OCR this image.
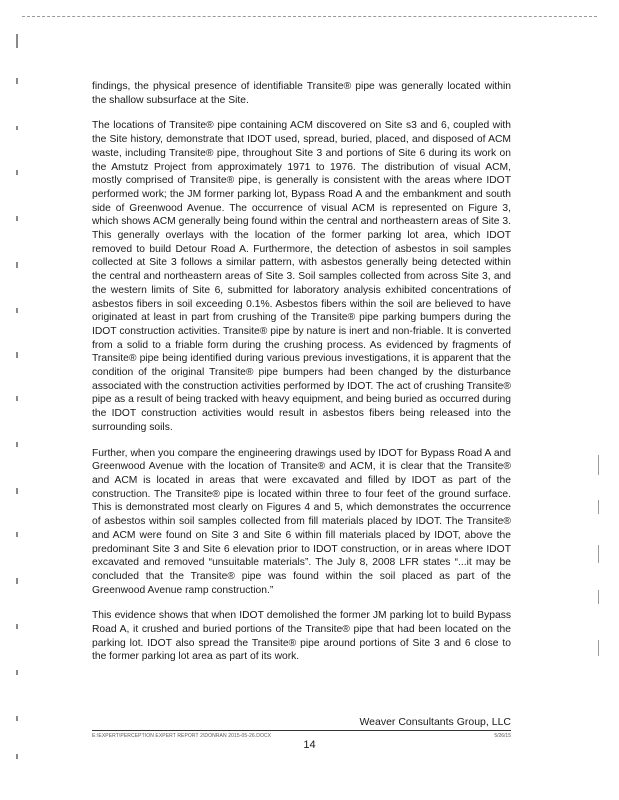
findings, the physical presence of identifiable Transite® pipe was generally located within the shallow subsurface at the Site.

The locations of Transite® pipe containing ACM discovered on Site s3 and 6, coupled with the Site history, demonstrate that IDOT used, spread, buried, placed, and disposed of ACM waste, including Transite® pipe, throughout Site 3 and portions of Site 6 during its work on the Amstutz Project from approximately 1971 to 1976. The distribution of visual ACM, mostly comprised of Transite® pipe, is generally is consistent with the areas where IDOT performed work; the JM former parking lot, Bypass Road A and the embankment and south side of Greenwood Avenue. The occurrence of visual ACM is represented on Figure 3, which shows ACM generally being found within the central and northeastern areas of Site 3. This generally overlays with the location of the former parking lot area, which IDOT removed to build Detour Road A. Furthermore, the detection of asbestos in soil samples collected at Site 3 follows a similar pattern, with asbestos generally being detected within the central and northeastern areas of Site 3. Soil samples collected from across Site 3, and the western limits of Site 6, submitted for laboratory analysis exhibited concentrations of asbestos fibers in soil exceeding 0.1%. Asbestos fibers within the soil are believed to have originated at least in part from crushing of the Transite® pipe parking bumpers during the IDOT construction activities. Transite® pipe by nature is inert and non-friable. It is converted from a solid to a friable form during the crushing process. As evidenced by fragments of Transite® pipe being identified during various previous investigations, it is apparent that the condition of the original Transite® pipe bumpers had been changed by the disturbance associated with the construction activities performed by IDOT. The act of crushing Transite® pipe as a result of being tracked with heavy equipment, and being buried as occurred during the IDOT construction activities would result in asbestos fibers being released into the surrounding soils.

Further, when you compare the engineering drawings used by IDOT for Bypass Road A and Greenwood Avenue with the location of Transite® and ACM, it is clear that the Transite® and ACM is located in areas that were excavated and filled by IDOT as part of the construction. The Transite® pipe is located within three to four feet of the ground surface. This is demonstrated most clearly on Figures 4 and 5, which demonstrates the occurrence of asbestos within soil samples collected from fill materials placed by IDOT. The Transite® and ACM were found on Site 3 and Site 6 within fill materials placed by IDOT, above the predominant Site 3 and Site 6 elevation prior to IDOT construction, or in areas where IDOT excavated and removed “unsuitable materials”. The July 8, 2008 LFR states “...it may be concluded that the Transite® pipe was found within the soil placed as part of the Greenwood Avenue ramp construction.”

This evidence shows that when IDOT demolished the former JM parking lot to build Bypass Road A, it crushed and buried portions of the Transite® pipe that had been located on the parking lot. IDOT also spread the Transite® pipe around portions of Site 3 and 6 close to the former parking lot area as part of its work.

Weaver Consultants Group, LLC
E:\EXPERT\PERCEPTION EXPERT REPORT 2\DONRAN 2015-05-26.DOCX	5/26/15
14
